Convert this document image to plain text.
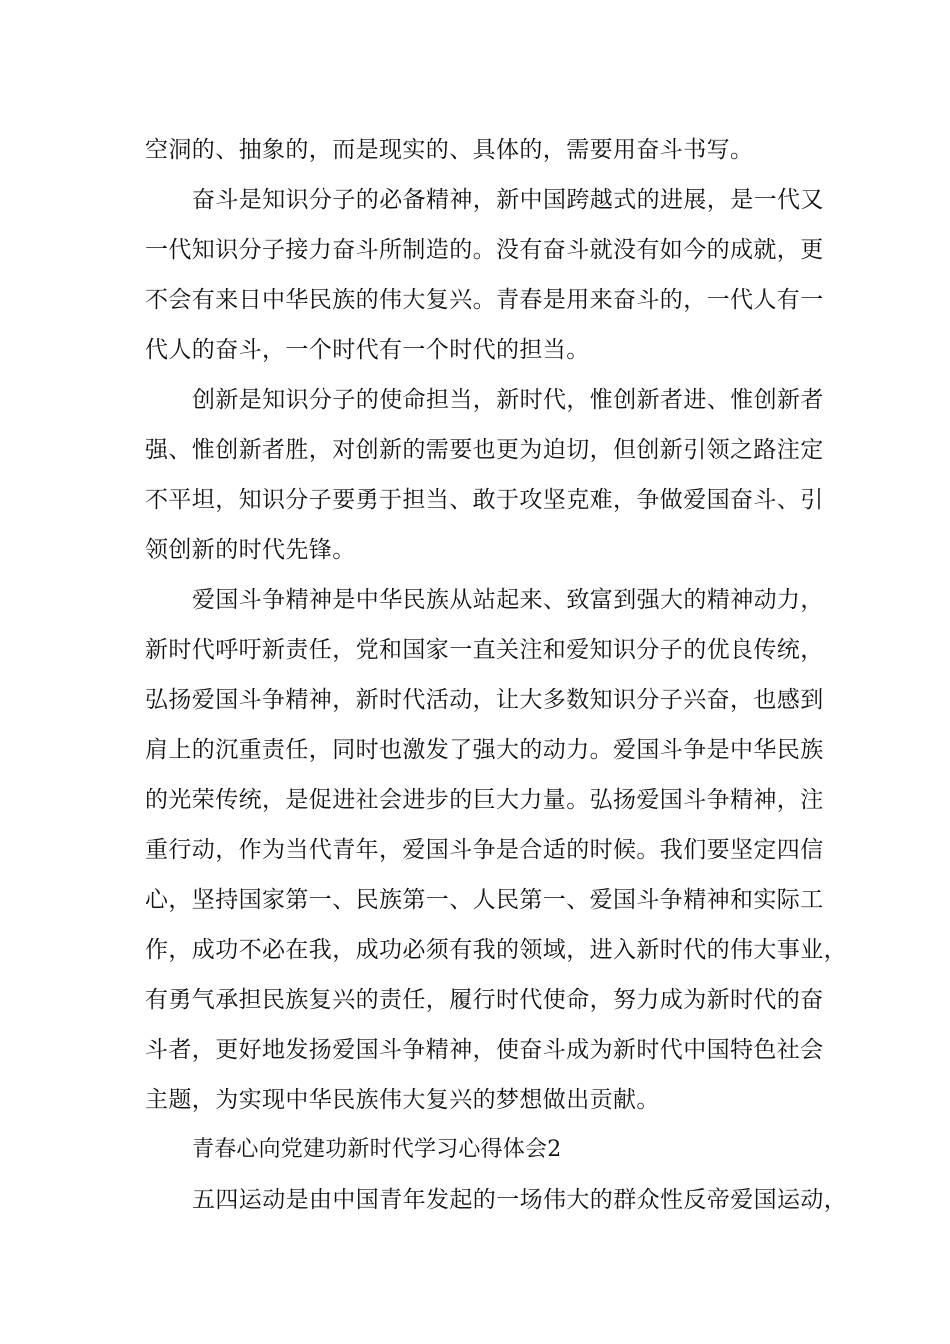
空洞的、抽象的，而是现实的、具体的，需要用奋斗书写。
奋斗是知识分子的必备精神，新中国跨越式的进展，是一代又
一代知识分子接力奋斗所制造的。没有奋斗就没有如今的成就，更
不会有来日中华民族的伟大复兴。青春是用来奋斗的，一代人有一
代人的奋斗，一个时代有一个时代的担当。
创新是知识分子的使命担当，新时代，惟创新者进、惟创新者
强、惟创新者胜，对创新的需要也更为迫切，但创新引领之路注定
不平坦，知识分子要勇于担当、敢于攻坚克难，争做爱国奋斗、引
领创新的时代先锋。
爱国斗争精神是中华民族从站起来、致富到强大的精神动力，
新时代呼吁新责任，党和国家一直关注和爱知识分子的优良传统，
弘扬爱国斗争精神，新时代活动，让大多数知识分子兴奋，也感到
肩上的沉重责任，同时也激发了强大的动力。爱国斗争是中华民族
的光荣传统，是促进社会进步的巨大力量。弘扬爱国斗争精神，注
重行动，作为当代青年，爱国斗争是合适的时候。我们要坚定四信
心，坚持国家第一、民族第一、人民第一、爱国斗争精神和实际工
作，成功不必在我，成功必须有我的领域，进入新时代的伟大事业，
有勇气承担民族复兴的责任，履行时代使命，努力成为新时代的奋
斗者，更好地发扬爱国斗争精神，使奋斗成为新时代中国特色社会
主题，为实现中华民族伟大复兴的梦想做出贡献。
青春心向党建功新时代学习心得体会2
五四运动是由中国青年发起的一场伟大的群众性反帝爱国运动，
